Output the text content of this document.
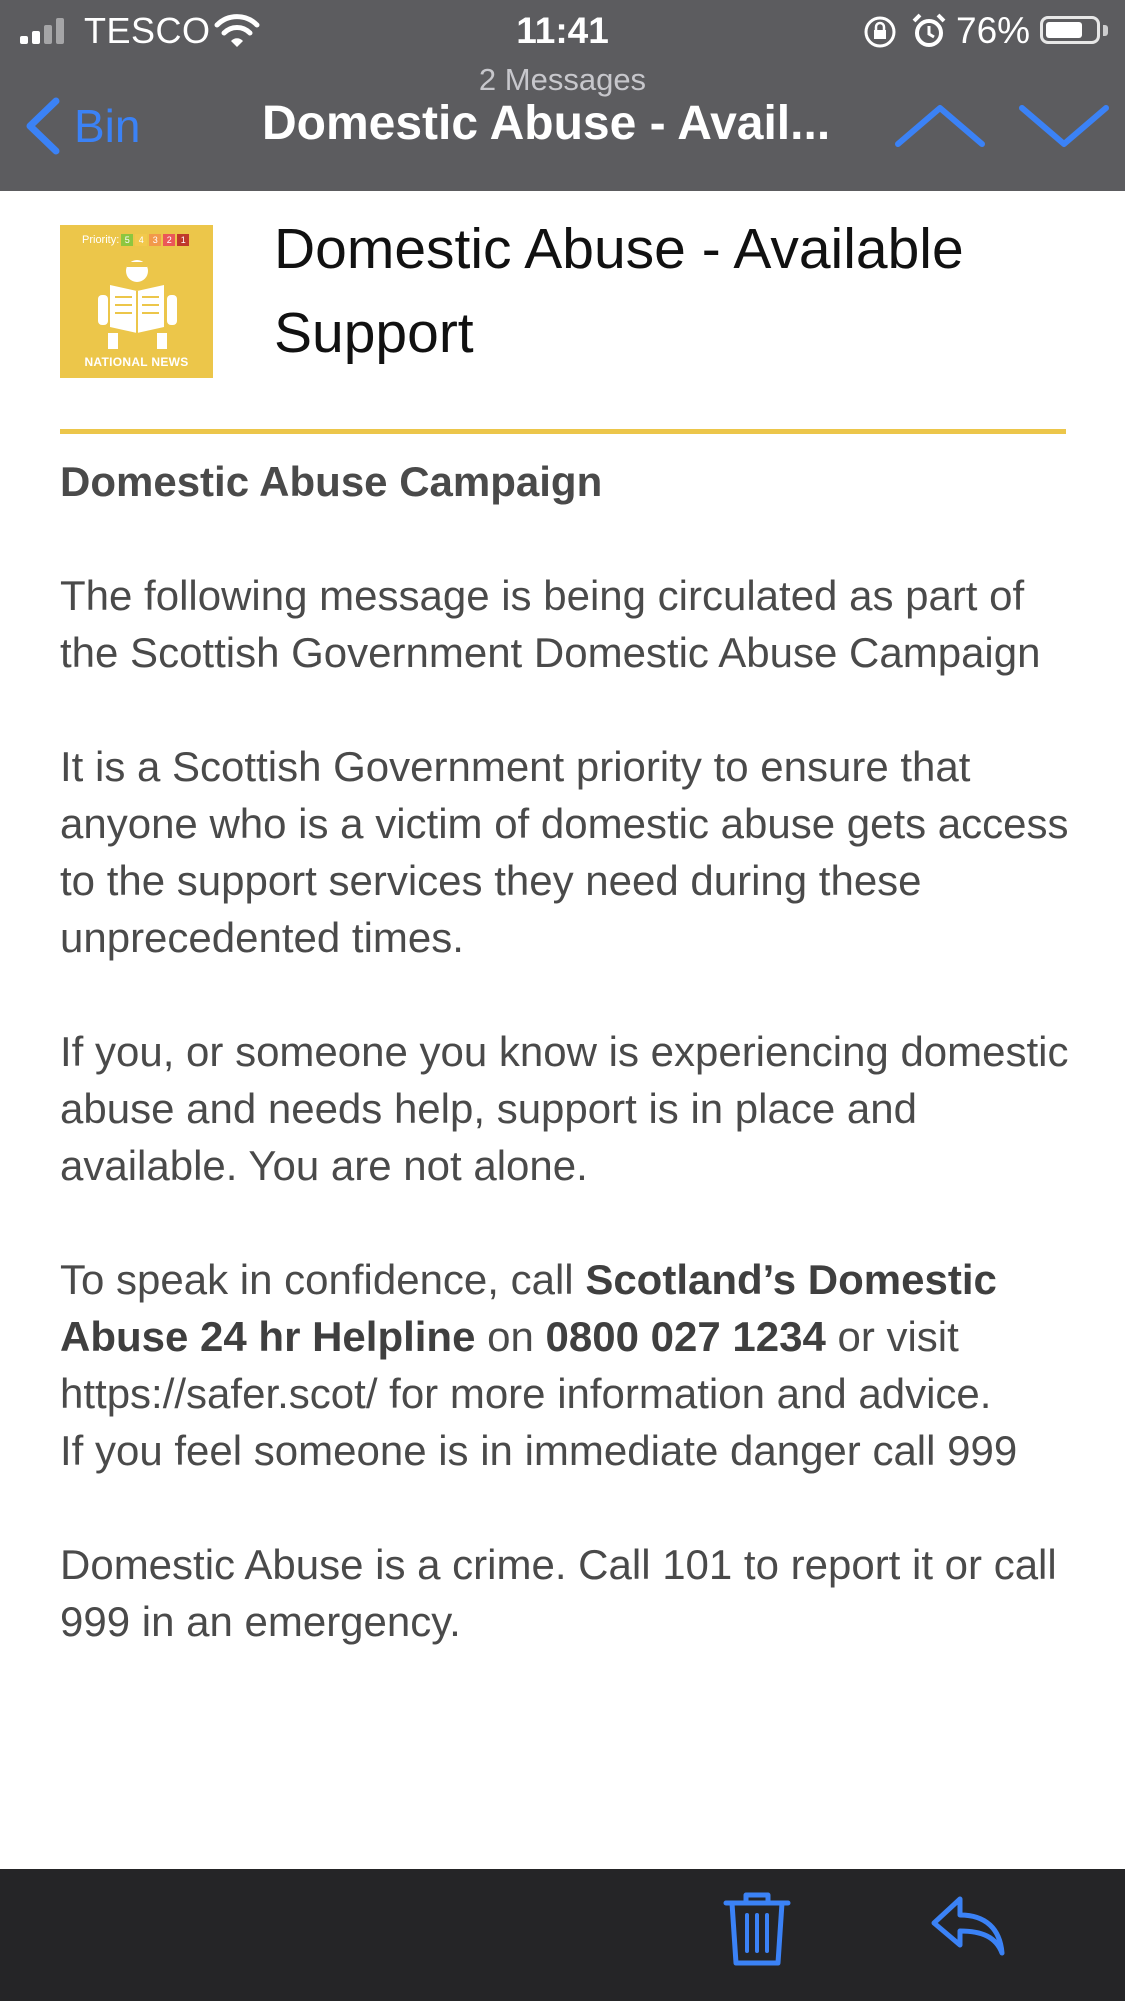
TESCO	11:41	76%
2 Messages
Bin	Domestic Abuse - Avail...
Priority: 5 4 3 2 1
NATIONAL NEWS
Domestic Abuse - Available Support

Domestic Abuse Campaign

The following message is being circulated as part of the Scottish Government Domestic Abuse Campaign

It is a Scottish Government priority to ensure that anyone who is a victim of domestic abuse gets access to the support services they need during these unprecedented times.

If you, or someone you know is experiencing domestic abuse and needs help, support is in place and available. You are not alone.

To speak in confidence, call Scotland’s Domestic Abuse 24 hr Helpline on 0800 027 1234 or visit https://safer.scot/ for more information and advice.

If you feel someone is in immediate danger call 999

Domestic Abuse is a crime. Call 101 to report it or call 999 in an emergency.
